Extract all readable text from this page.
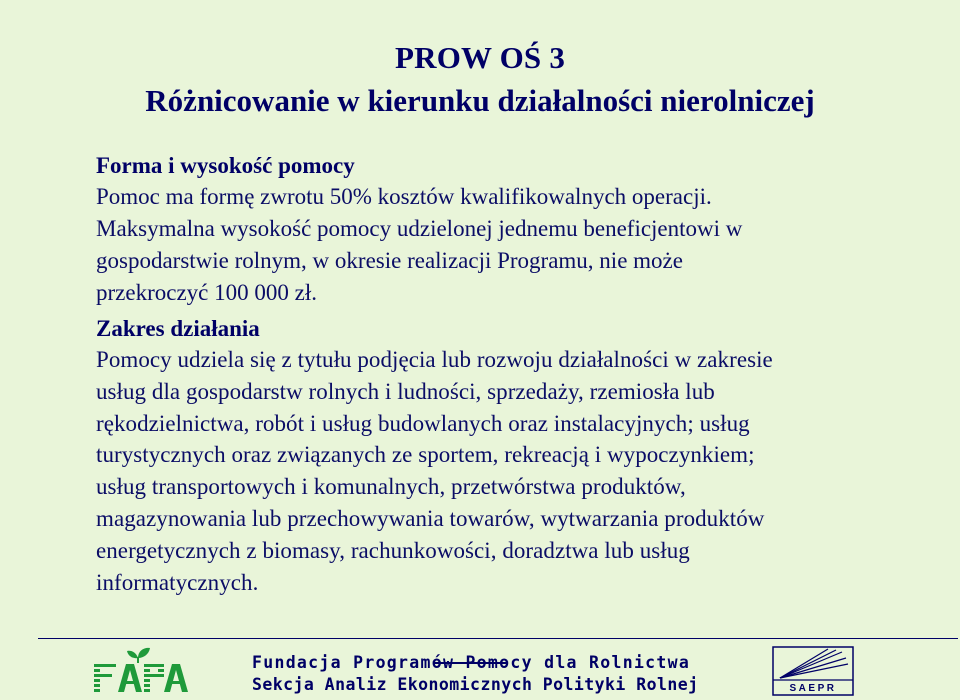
PROW OŚ 3
Różnicowanie w kierunku działalności nierolniczej

Forma i wysokość pomocy

Pomoc ma formę zwrotu 50% kosztów kwalifikowalnych operacji.

Maksymalna wysokość pomocy udzielonej jednemu beneficjentowi w

gospodarstwie rolnym, w okresie realizacji Programu, nie może

przekroczyć 100 000 zł.

Zakres działania

Pomocy udziela się z tytułu podjęcia lub rozwoju działalności w zakresie

usług dla gospodarstw rolnych i ludności, sprzedaży, rzemiosła lub

rękodzielnictwa, robót i usług budowlanych oraz instalacyjnych; usług

turystycznych oraz związanych ze sportem, rekreacją i wypoczynkiem;

usług transportowych i komunalnych, przetwórstwa produktów,

magazynowania lub przechowywania towarów, wytwarzania produktów

energetycznych z biomasy, rachunkowości, doradztwa lub usług

informatycznych.

FAPA
Fundacja Programów Pomocy dla Rolnictwa
Sekcja Analiz Ekonomicznych Polityki Rolnej	SAEPR
